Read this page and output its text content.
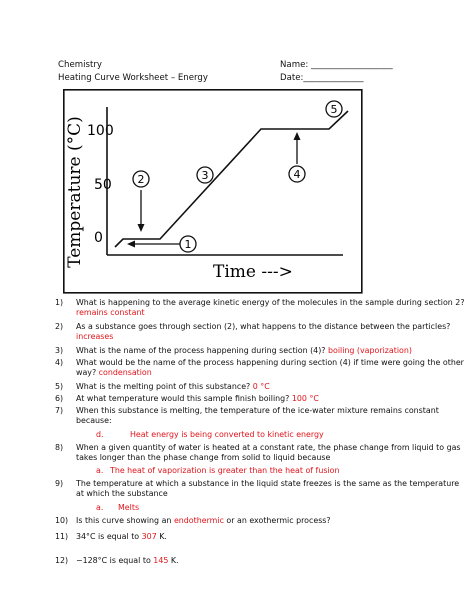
Chemistry
Heating Curve Worksheet – Energy
Name: ___________________
Date:______________
Temperature (°C) 100
50
0
Time --->
1
2	3	4
5
1) What is happening to the average kinetic energy of the molecules in the sample during section 2? remains constant
2) As a substance goes through section (2), what happens to the distance between the particles? increases
3) What is the name of the process happening during section (4)? boiling (vaporization)
4) What would be the name of the process happening during section (4) if time were going the other way? condensation
5) What is the melting point of this substance? 0 °C
6) At what temperature would this sample finish boiling? 100 °C
7) When this substance is melting, the temperature of the ice-water mixture remains constant because:
d.	Heat energy is being converted to kinetic energy
8) When a given quantity of water is heated at a constant rate, the phase change from liquid to gas takes longer than the phase change from solid to liquid because
a. The heat of vaporization is greater than the heat of fusion
9) The temperature at which a substance in the liquid state freezes is the same as the temperature at which the substance
a. Melts
10) Is this curve showing an endothermic or an exothermic process?
11) 34°C is equal to 307 K.
12) −128°C is equal to 145 K.
